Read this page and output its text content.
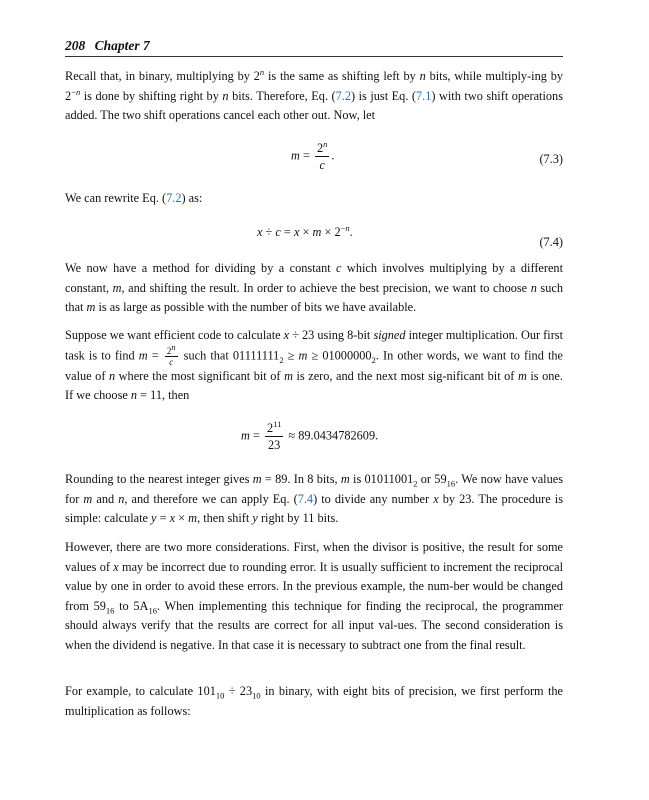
208 Chapter 7
Recall that, in binary, multiplying by 2$^n$ is the same as shifting left by n bits, while multiply-ing by $2^{-n}$ is done by shifting right by n bits. Therefore, Eq. (7.2) is just Eq. (7.1) with two shift operations added. The two shift operations cancel each other out. Now, let
$m = \frac{2^n}{c}$ .	(7.3)
We can rewrite Eq. (7.2) as:
$x \div c = x \times m \times 2^{-n}$.
(7.4)
We now have a method for dividing by a constant c which involves multiplying by a different constant, m, and shifting the result. In order to achieve the best precision, we want to choose n such that m is as large as possible with the number of bits we have available.
Suppose we want efficient code to calculate x ÷ 23 using 8-bit signed integer multiplication. Our first task is to find $m = \frac{2^n}{c}$ such that $01111111_2 \ge m \ge 01000000_2$. In other words, we want to find the value of n where the most significant bit of m is zero, and the next most sig-nificant bit of m is one. If we choose n = 11, then
$m = \frac{2^{11}}{23} \approx 89.0434782609$.
Rounding to the nearest integer gives m = 89. In 8 bits, m is $01011001_2$ or $59_{16}$. We now have values for m and n, and therefore we can apply Eq. (7.4) to divide any number x by 23. The procedure is simple: calculate y = x × m, then shift y right by 11 bits.
However, there are two more considerations. First, when the divisor is positive, the result for some values of x may be incorrect due to rounding error. It is usually sufficient to increment the reciprocal value by one in order to avoid these errors. In the previous example, the num-ber would be changed from $59_{16}$ to $5A_{16}$. When implementing this technique for finding the reciprocal, the programmer should always verify that the results are correct for all input val-ues. The second consideration is when the dividend is negative. In that case it is necessary to subtract one from the final result.
For example, to calculate $101_{10} \div 23_{10}$ in binary, with eight bits of precision, we first perform the multiplication as follows:
